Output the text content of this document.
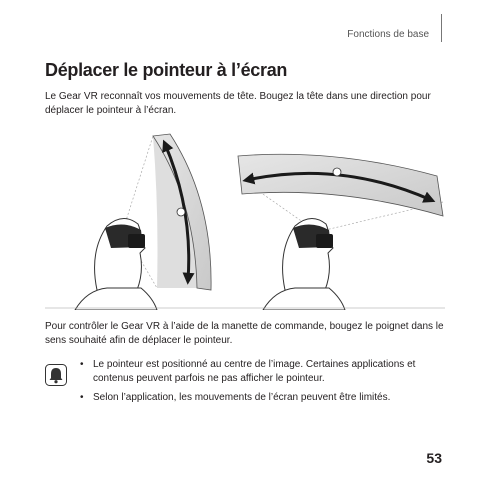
Fonctions de base
Déplacer le pointeur à l’écran

Le Gear VR reconnaît vos mouvements de tête. Bougez la tête dans une direction pour déplacer le pointeur à l’écran.

Pour contrôler le Gear VR à l’aide de la manette de commande, bougez le poignet dans le sens souhaité afin de déplacer le pointeur.

• Le pointeur est positionné au centre de l’image. Certaines applications et contenus peuvent parfois ne pas afficher le pointeur.
• Selon l’application, les mouvements de l’écran peuvent être limités.
53
